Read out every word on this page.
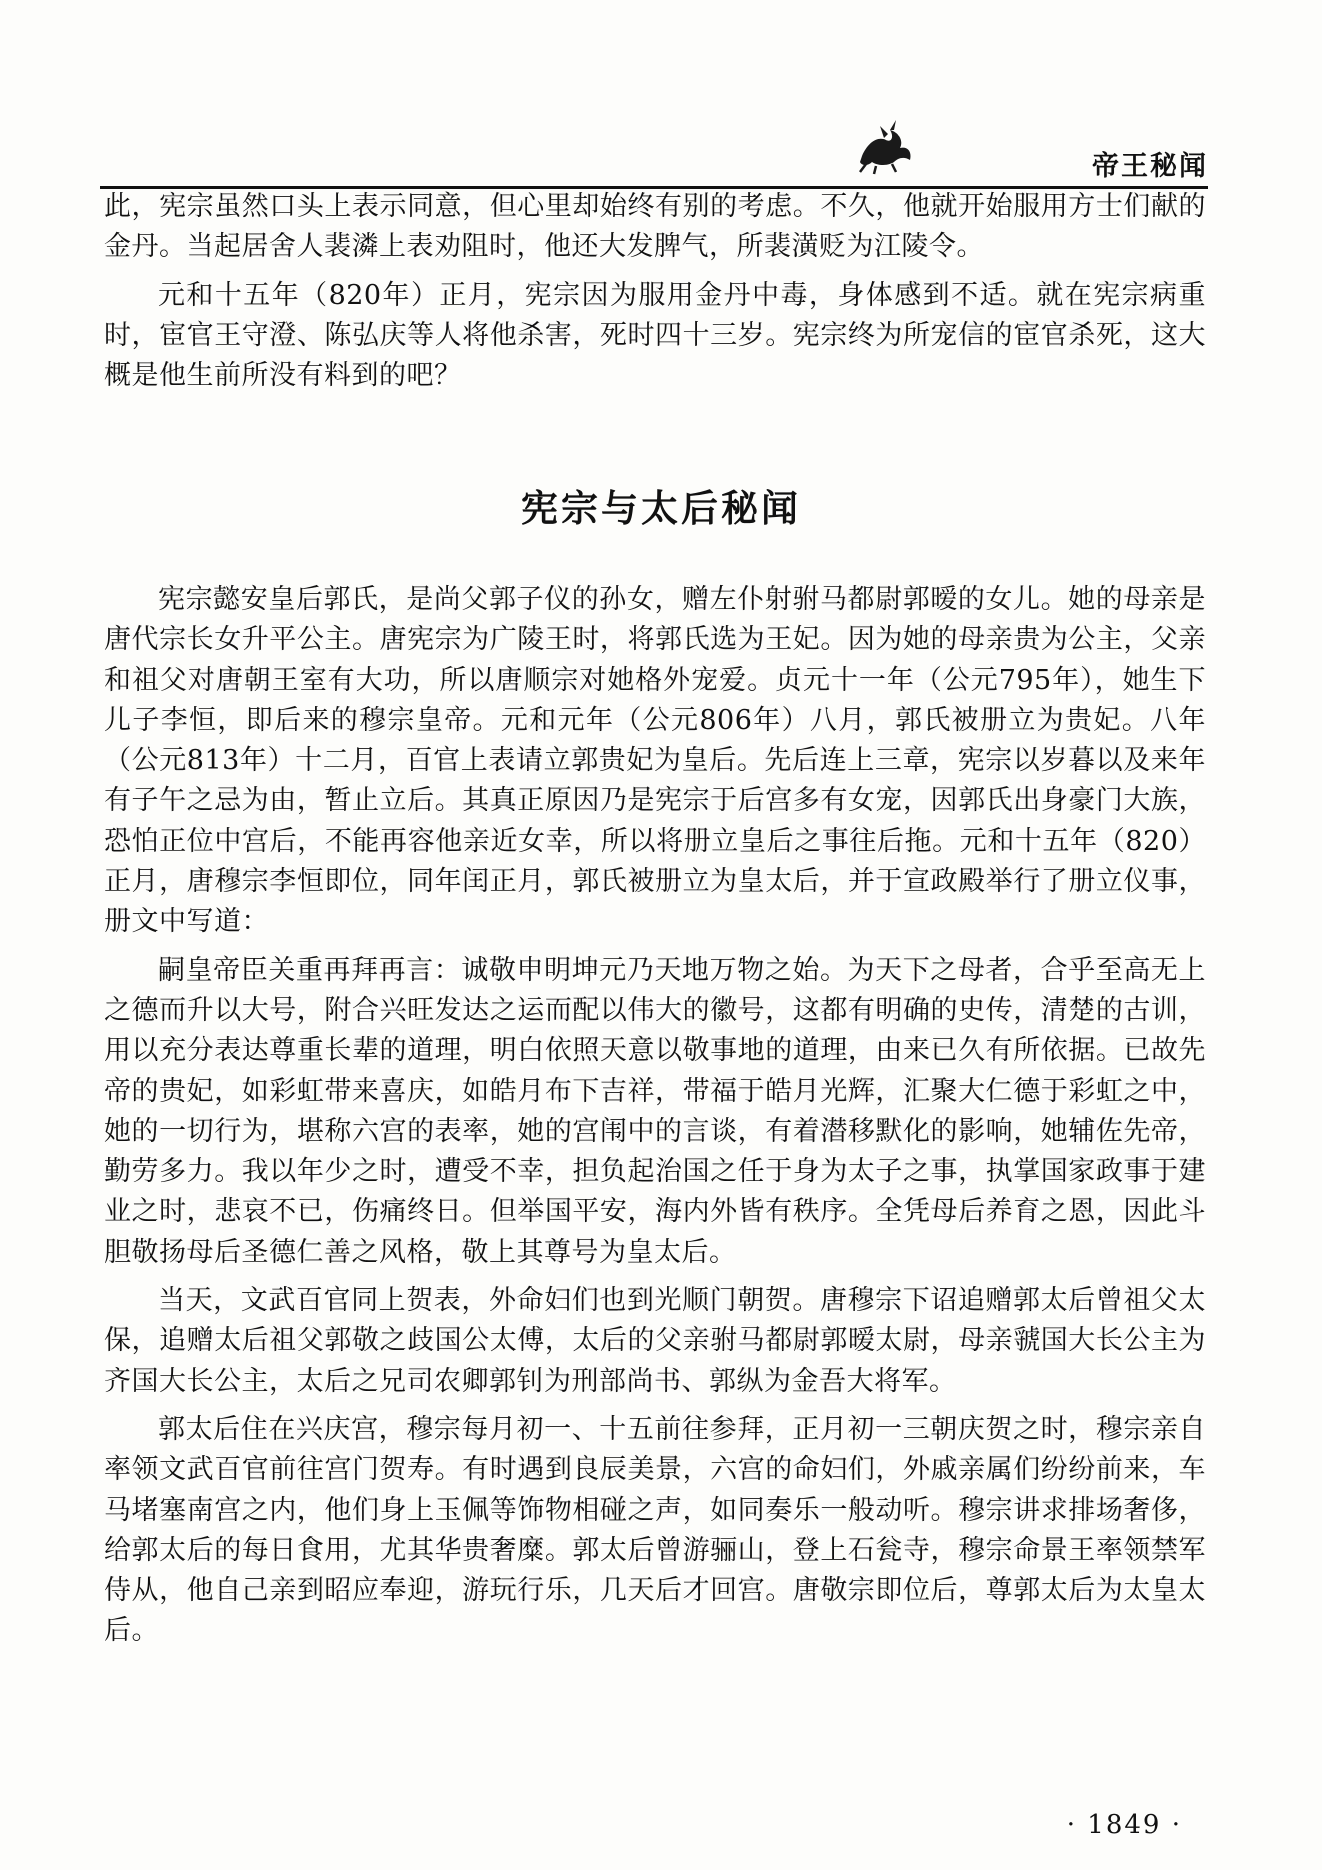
帝王秘闻

此，宪宗虽然口头上表示同意，但心里却始终有别的考虑。不久，他就开始服用方士们献的金丹。当起居舍人裴潾上表劝阻时，他还大发脾气，所裴潢贬为江陵令。

元和十五年（820年）正月，宪宗因为服用金丹中毒，身体感到不适。就在宪宗病重时，宦官王守澄、陈弘庆等人将他杀害，死时四十三岁。宪宗终为所宠信的宦官杀死，这大概是他生前所没有料到的吧？

宪宗与太后秘闻

宪宗懿安皇后郭氏，是尚父郭子仪的孙女，赠左仆射驸马都尉郭暧的女儿。她的母亲是唐代宗长女升平公主。唐宪宗为广陵王时，将郭氏选为王妃。因为她的母亲贵为公主，父亲和祖父对唐朝王室有大功，所以唐顺宗对她格外宠爱。贞元十一年（公元795年），她生下儿子李恒，即后来的穆宗皇帝。元和元年（公元806年）八月，郭氏被册立为贵妃。八年（公元813年）十二月，百官上表请立郭贵妃为皇后。先后连上三章，宪宗以岁暮以及来年有子午之忌为由，暂止立后。其真正原因乃是宪宗于后宫多有女宠，因郭氏出身豪门大族，恐怕正位中宫后，不能再容他亲近女幸，所以将册立皇后之事往后拖。元和十五年（820）正月，唐穆宗李恒即位，同年闰正月，郭氏被册立为皇太后，并于宣政殿举行了册立仪事，册文中写道：

嗣皇帝臣关重再拜再言：诚敬申明坤元乃天地万物之始。为天下之母者，合乎至高无上之德而升以大号，附合兴旺发达之运而配以伟大的徽号，这都有明确的史传，清楚的古训，用以充分表达尊重长辈的道理，明白依照天意以敬事地的道理，由来已久有所依据。已故先帝的贵妃，如彩虹带来喜庆，如皓月布下吉祥，带福于皓月光辉，汇聚大仁德于彩虹之中，她的一切行为，堪称六宫的表率，她的宫闱中的言谈，有着潜移默化的影响，她辅佐先帝，勤劳多力。我以年少之时，遭受不幸，担负起治国之任于身为太子之事，执掌国家政事于建业之时，悲哀不已，伤痛终日。但举国平安，海内外皆有秩序。全凭母后养育之恩，因此斗胆敬扬母后圣德仁善之风格，敬上其尊号为皇太后。

当天，文武百官同上贺表，外命妇们也到光顺门朝贺。唐穆宗下诏追赠郭太后曾祖父太保，追赠太后祖父郭敬之歧国公太傅，太后的父亲驸马都尉郭暧太尉，母亲虢国大长公主为齐国大长公主，太后之兄司农卿郭钊为刑部尚书、郭纵为金吾大将军。

郭太后住在兴庆宫，穆宗每月初一、十五前往参拜，正月初一三朝庆贺之时，穆宗亲自率领文武百官前往宫门贺寿。有时遇到良辰美景，六宫的命妇们，外戚亲属们纷纷前来，车马堵塞南宫之内，他们身上玉佩等饰物相碰之声，如同奏乐一般动听。穆宗讲求排场奢侈，给郭太后的每日食用，尤其华贵奢糜。郭太后曾游骊山，登上石瓮寺，穆宗命景王率领禁军侍从，他自己亲到昭应奉迎，游玩行乐，几天后才回宫。唐敬宗即位后，尊郭太后为太皇太后。

· 1849 ·
